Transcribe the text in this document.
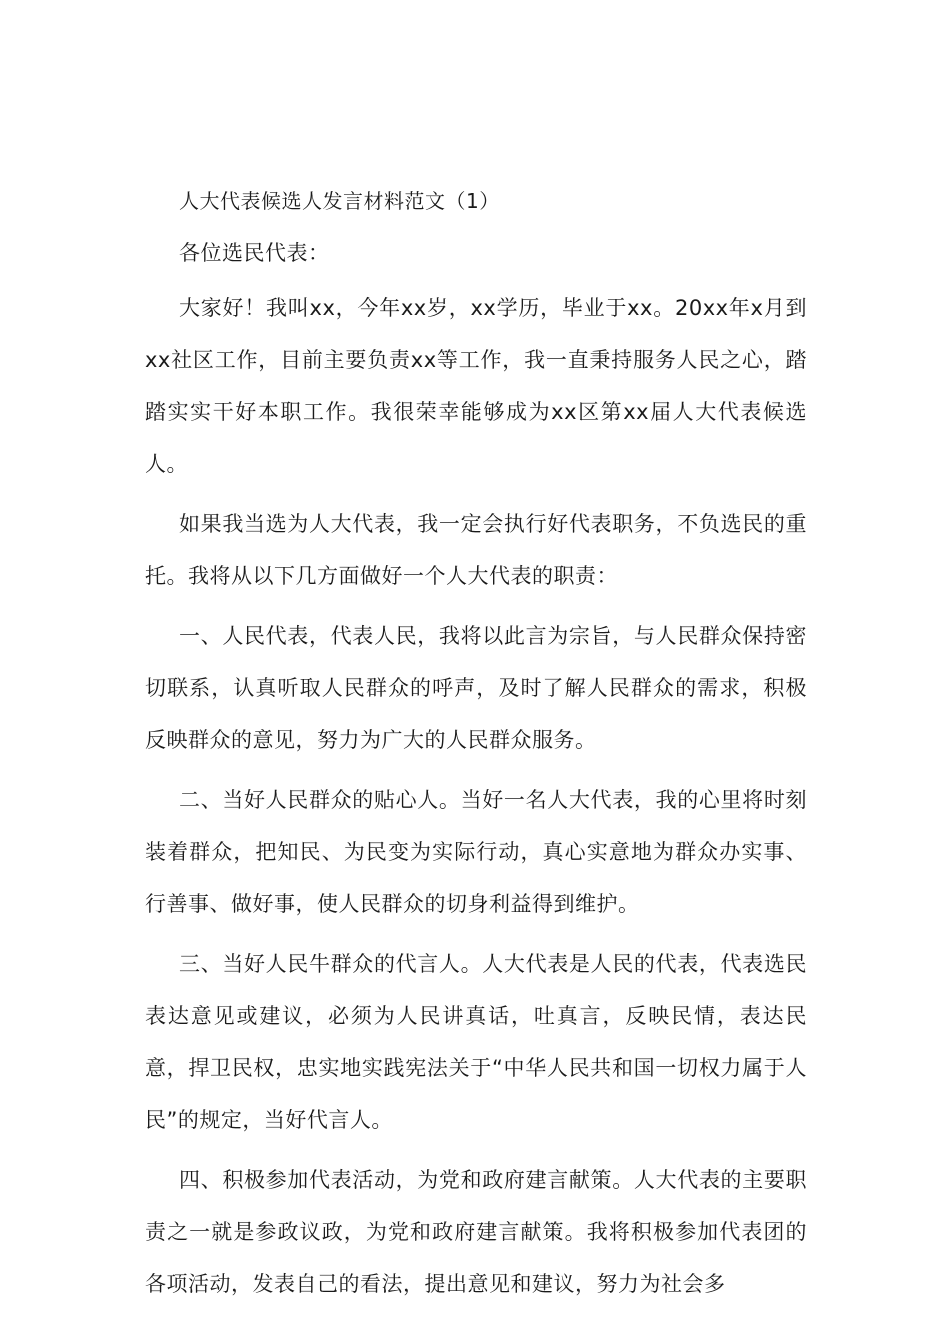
人大代表候选人发言材料范文（1）

各位选民代表：

大家好！我叫xx，今年xx岁，xx学历，毕业于xx。20xx年x月到xx社区工作，目前主要负责xx等工作，我一直秉持服务人民之心，踏踏实实干好本职工作。我很荣幸能够成为xx区第xx届人大代表候选人。

如果我当选为人大代表，我一定会执行好代表职务，不负选民的重托。我将从以下几方面做好一个人大代表的职责：

一、人民代表，代表人民，我将以此言为宗旨，与人民群众保持密切联系，认真听取人民群众的呼声，及时了解人民群众的需求，积极反映群众的意见，努力为广大的人民群众服务。

二、当好人民群众的贴心人。当好一名人大代表，我的心里将时刻装着群众，把知民、为民变为实际行动，真心实意地为群众办实事、行善事、做好事，使人民群众的切身利益得到维护。

三、当好人民牛群众的代言人。人大代表是人民的代表，代表选民表达意见或建议，必须为人民讲真话，吐真言，反映民情，表达民意，捍卫民权，忠实地实践宪法关于“中华人民共和国一切权力属于人民”的规定，当好代言人。

四、积极参加代表活动，为党和政府建言献策。人大代表的主要职责之一就是参政议政，为党和政府建言献策。我将积极参加代表团的各项活动，发表自己的看法，提出意见和建议，努力为社会多
